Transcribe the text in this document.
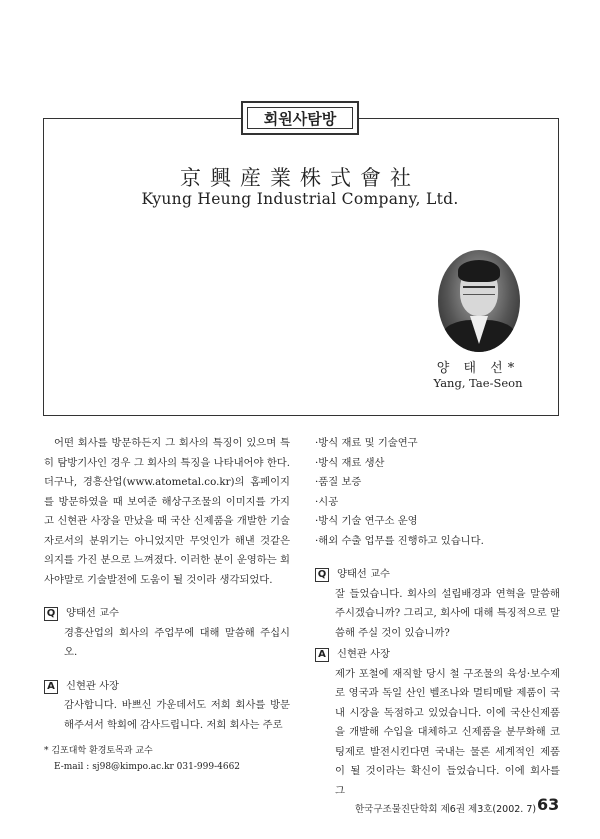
회원사탐방
京興産業株式會社
Kyung Heung Industrial Company, Ltd.
양 태 선*
Yang, Tae-Seon
어떤 회사를 방문하든지 그 회사의 특징이 있으며 특히 탐방기사인 경우 그 회사의 특징을 나타내어야 한다. 더구나, 경흥산업(www.atometal.co.kr)의 홈페이지를 방문하였을 때 보여준 해상구조물의 이미지를 가지고 신현관 사장을 만났을 때 국산 신제품을 개발한 기술자로서의 분위기는 아니었지만 무엇인가 해낸 것같은 의지를 가진 분으로 느껴졌다. 이러한 분이 운영하는 회사야말로 기술발전에 도움이 될 것이라 생각되었다.
Q 양태선 교수
경흥산업의 회사의 주업무에 대해 말씀해 주십시오.
A	신현관 사장
감사합니다. 바쁘신 가운데서도 저희 회사를 방문해주셔서 학회에 감사드립니다. 저희 회사는 주로
·방식 재료 및 기술연구
·방식 재료 생산
·품질 보증
·시공
·방식 기술 연구소 운영
·해외 수출 업무를 진행하고 있습니다.
Q 양태선 교수
잘 들었습니다. 회사의 설립배경과 연혁을 말씀해주시겠습니까? 그리고, 회사에 대해 특징적으로 말씀해 주실 것이 있습니까?
A	신현관 사장
제가 포철에 재직할 당시 철 구조물의 육성·보수제로 영국과 독일 산인 벨조나와 멀티메탈 제품이 국내 시장을 독점하고 있었습니다. 이에 국산신제품을 개발해 수입을 대체하고 신제품을 분무화해 코팅제로 발전시킨다면 국내는 물론 세계적인 제품이 될 것이라는 확신이 들었습니다. 이에 회사를 그
* 김포대학 환경토목과 교수
E-mail : sj98@kimpo.ac.kr 031-999-4662
한국구조물진단학회 제6권 제3호(2002. 7) 63
